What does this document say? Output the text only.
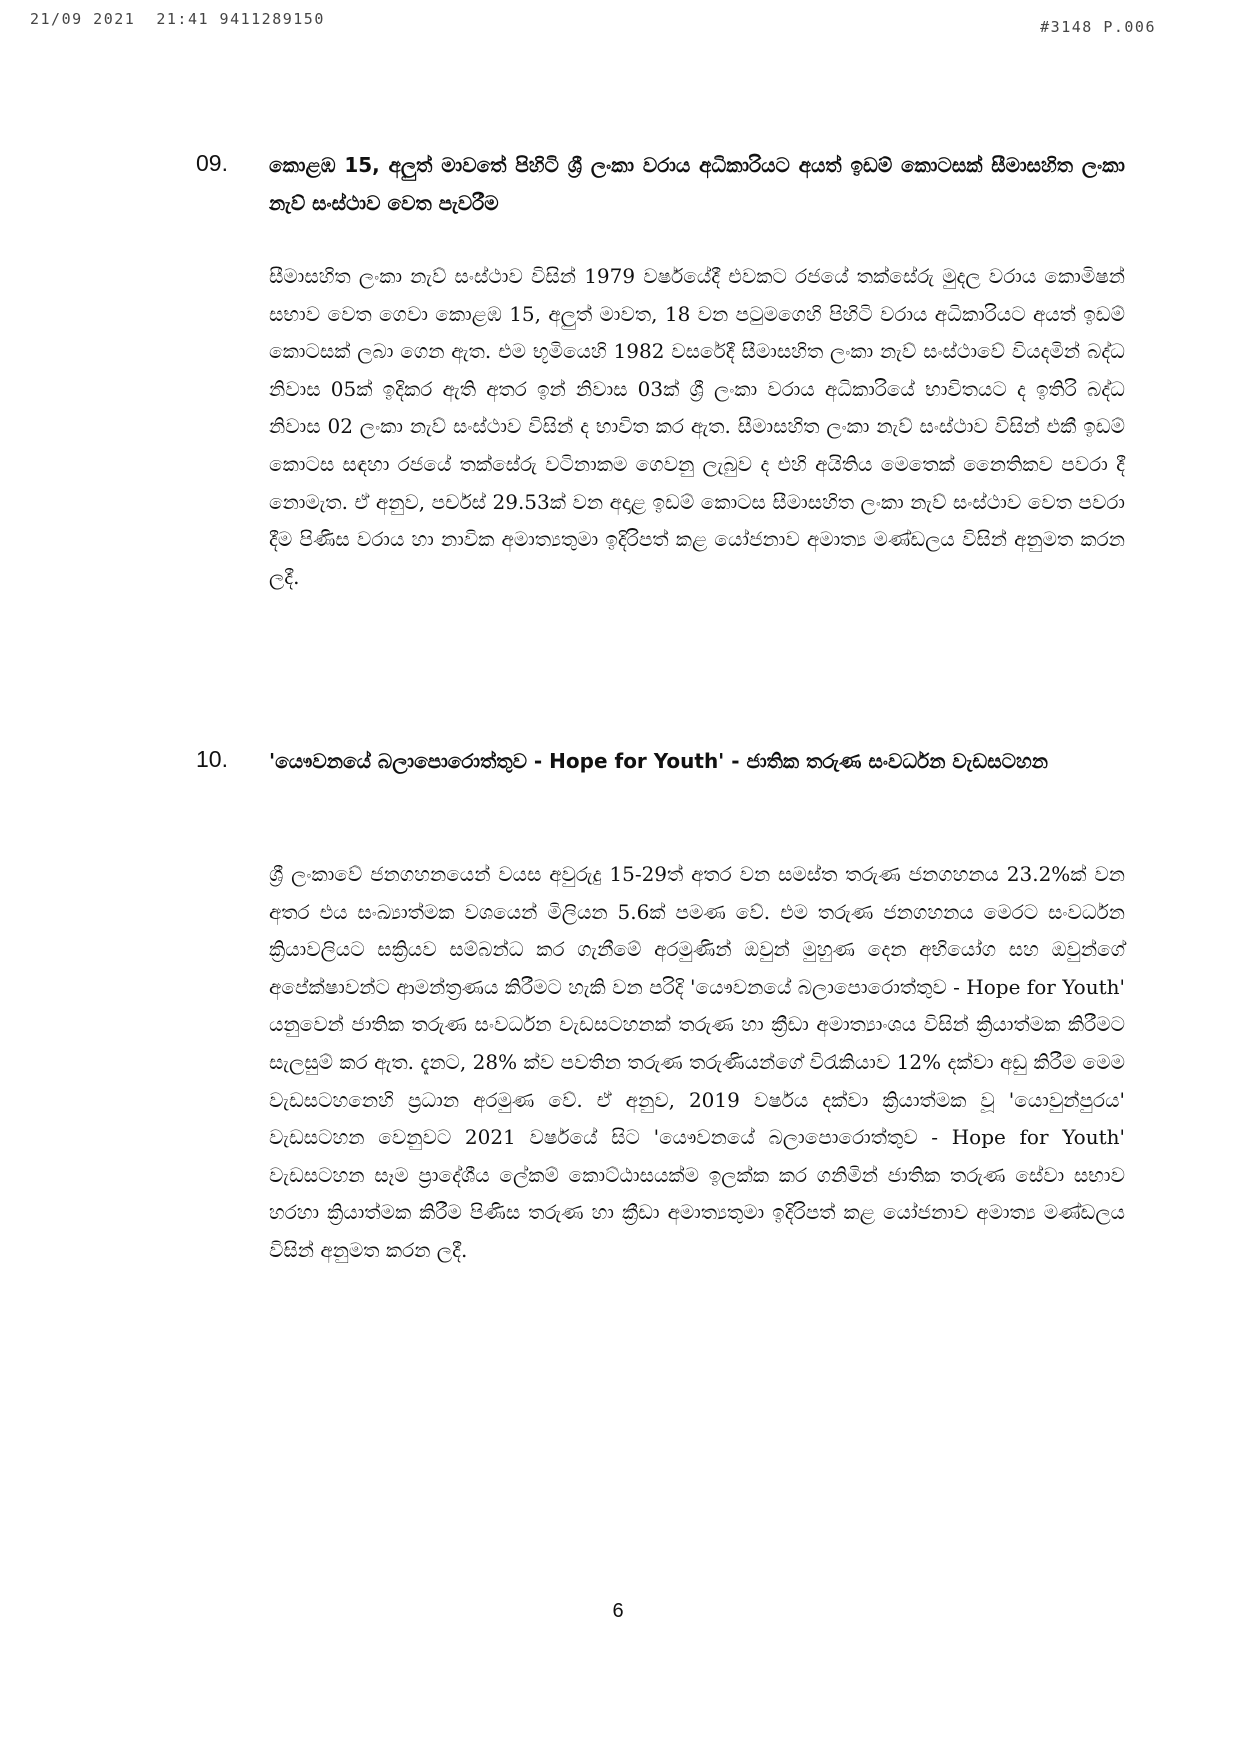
21/09 2021  21:41 9411289150	#3148 P.006
09. කොළඹ 15, අලුත් මාවතේ පිහිටි ශ්‍රී ලංකා වරාය අධිකාරියට අයත් ඉඩම් කොටසක් සීමාසහිත ලංකා නැව් සංස්ථාව වෙත පැවරීම
සීමාසහිත ලංකා නැව් සංස්ථාව විසින් 1979 වර්ෂයේදී එවකට රජයේ තක්සේරු මුදල වරාය කොමිෂන් සභාව වෙත ගෙවා කොළඹ 15, අලුත් මාවත, 18 වන පටුමගෙහි පිහිටි වරාය අධිකාරියට අයත් ඉඩම් කොටසක් ලබා ගෙන ඇත. එම භූමියෙහි 1982 වසරේදී සීමාසහිත ලංකා නැව් සංස්ථාවේ වියදමින් බද්ධ නිවාස 05ක් ඉදිකර ඇති අතර ඉන් නිවාස 03ක් ශ්‍රී ලංකා වරාය අධිකාරියේ භාවිතයට ද ඉතිරි බද්ධ නිවාස 02 ලංකා නැව් සංස්ථාව විසින් ද භාවිත කර ඇත. සීමාසහිත ලංකා නැව් සංස්ථාව විසින් එකී ඉඩම් කොටස සඳහා රජයේ තක්සේරු වටිනාකම ගෙවනු ලැබුව ද එහි අයිතිය මෙතෙක් නෛතිකව පවරා දී නොමැත. ඒ අනුව, පර්චස් 29.53ක් වන අදාළ ඉඩම් කොටස සීමාසහිත ලංකා නැව් සංස්ථාව වෙත පවරා දීම පිණිස වරාය හා නාවික අමාත්‍යතුමා ඉදිරිපත් කළ යෝජනාව අමාත්‍ය මණ්ඩලය විසින් අනුමත කරන ලදී.
10. 'යෞවනයේ බලාපොරොත්තුව - Hope for Youth' - ජාතික තරුණ සංවර්ධන වැඩසටහන
ශ්‍රී ලංකාවේ ජනගහනයෙන් වයස අවුරුදු 15-29ත් අතර වන සමස්ත තරුණ ජනගහනය 23.2%ක් වන අතර එය සංඛ්‍යාත්මක වශයෙන් මිලියන 5.6ක් පමණ වේ. එම තරුණ ජනගහනය මෙරට සංවර්ධන ක්‍රියාවලියට සක්‍රියව සම්බන්ධ කර ගැනීමේ අරමුණින් ඔවුන් මුහුණ දෙන අභියෝග සහ ඔවුන්ගේ අපේක්ෂාවන්ට ආමන්ත්‍රණය කිරීමට හැකි වන පරිදි 'යෞවනයේ බලාපොරොත්තුව - Hope for Youth' යනුවෙන් ජාතික තරුණ සංවර්ධන වැඩසටහනක් තරුණ හා ක්‍රීඩා අමාත්‍යාංශය විසින් ක්‍රියාත්මක කිරීමට සැලසුම් කර ඇත. දැනට, 28% ක්ව පවතින තරුණ තරුණියන්ගේ විරැකියාව 12% දක්වා අඩු කිරීම මෙම වැඩසටහනෙහි ප්‍රධාන අරමුණ වේ. ඒ අනුව, 2019 වර්ෂය දක්වා ක්‍රියාත්මක වූ 'යොවුන්පුරය' වැඩසටහන වෙනුවට 2021 වර්ෂයේ සිට 'යෞවනයේ බලාපොරොත්තුව - Hope for Youth' වැඩසටහන සෑම ප්‍රාදේශීය ලේකම් කොට්ඨාසයක්ම ඉලක්ක කර ගනිමින් ජාතික තරුණ සේවා සභාව හරහා ක්‍රියාත්මක කිරීම පිණිස තරුණ හා ක්‍රීඩා අමාත්‍යතුමා ඉදිරිපත් කළ යෝජනාව අමාත්‍ය මණ්ඩලය විසින් අනුමත කරන ලදී.
6
